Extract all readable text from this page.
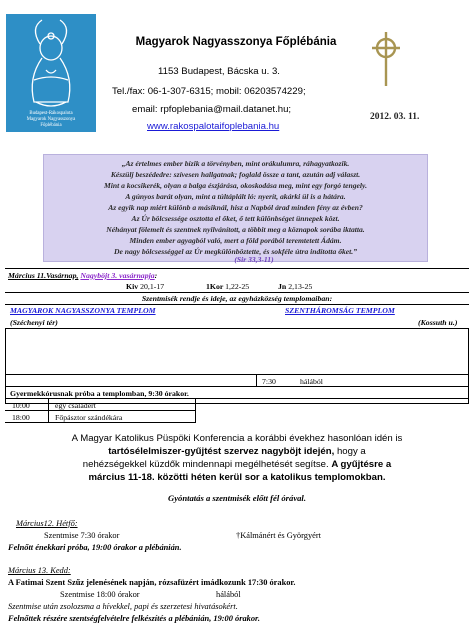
Budapest-Rákospalota
Magyarok Nagyasszonya
Főplébánia
Magyarok Nagyasszonya Főplébánia
1153 Budapest, Bácska u. 3.
Tel./fax: 06-1-307-6315; mobil: 06203574229;
email: rpfoplebania@mail.datanet.hu;
www.rakospalotaifoplebania.hu
2012. 03. 11.
„Az értelmes ember bízik a törvényben, mint orákulumra, ráhagyatkozik.
Készülj beszédedre: szívesen hallgatnak; foglald össze a tant, azután adj választ.
Mint a kocsikerék, olyan a balga észjárása, okoskodása meg, mint egy forgó tengely.
A gúnyos barát olyan, mint a túltáplált ló: nyerít, akárki ül is a hátára.
Az egyik nap miért különb a másiknál, hisz a Napból árad minden fény az évben?
Az Úr bölcsessége osztotta el őket, ő tett különbséget ünnepek közt.
Néhányat fölemelt és szentnek nyilvánított, a többit meg a köznapok sorába iktatta.
Minden ember agyagból való, mert a föld porából teremtetett Ádám.
De nagy bölcsességgel az Úr megkülönböztette, és sokféle útra indította őket.”
(Sir 33,3-11)
Március 11.Vasárnap, Nagyböjt 3. vasárnapja:
Kiv 20,1-17	1Kor 1,22-25	Jn 2,13-25
Szentmisék rendje és ideje, az egyházközség templomaiban:
MAGYAROK NAGYASSZONYA TEMPLOM	SZENTHÁROMSÁG TEMPLOM
(Széchenyi tér)	(Kossuth u.)
7:30	hálából
Gyermekkórusnak próba a templomban, 9:30 órakor.
10:00	egy családért
18:00	Főpásztor szándékára
A Magyar Katolikus Püspöki Konferencia a korábbi évekhez hasonlóan idén is
tartósélelmiszer-gyűjtést szervez nagyböjt idején, hogy a
nehézségekkel küzdők mindennapi megélhetését segítse. A gyűjtésre a
március 11-18. közötti héten kerül sor a katolikus templomokban.
Gyóntatás a szentmisék előtt fél órával.
Március12. Hétfő:
Szentmise 7:30 órakor	†Kálmánért és Györgyért
Felnőtt énekkari próba, 19:00 órakor a plébánián.
Március 13. Kedd:
A Fatimai Szent Szűz jelenésének napján, rózsafüzért imádkozunk 17:30 órakor.
Szentmise 18:00 órakor	hálából
Szentmise után zsolozsma a hívekkel, papi és szerzetesi hivatásokért.
Felnőttek részére szentségfelvételre felkészítés a plébánián, 19:00 órakor.
